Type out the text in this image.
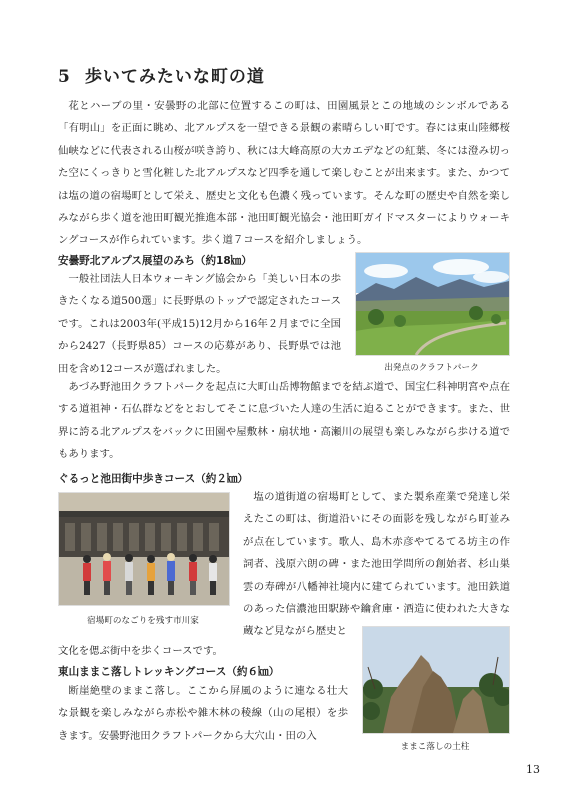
5 歩いてみたいな町の道

花とハーブの里・安曇野の北部に位置するこの町は、田園風景とこの地域のシンボルである「有明山」を正面に眺め、北アルプスを一望できる景観の素晴らしい町です。春には東山陸郷桜仙峡などに代表される山桜が咲き誇り、秋には大峰高原の大カエデなどの紅葉、冬には澄み切った空にくっきりと雪化粧した北アルプスなど四季を通して楽しむことが出来ます。また、かつては塩の道の宿場町として栄え、歴史と文化も色濃く残っています。そんな町の歴史や自然を楽しみながら歩く道を池田町観光推進本部・池田町観光協会・池田町ガイドマスターによりウォーキングコースが作られています。歩く道７コースを紹介しましょう。

安曇野北アルプス展望のみち（約18㎞）

一般社団法人日本ウォーキング協会から「美しい日本の歩きたくなる道500選」に長野県のトップで認定されたコースです。これは2003年(平成15)12月から16年２月までに全国から2427（長野県85）コースの応募があり、長野県では池田を含め12コースが選ばれました。	出発点のクラフトパーク

あづみ野池田クラフトパークを起点に大町山岳博物館までを結ぶ道で、国宝仁科神明宮や点在する道祖神・石仏群などをとおしてそこに息づいた人達の生活に迫ることができます。また、世界に誇る北アルプスをバックに田園や屋敷林・扇状地・高瀬川の展望も楽しみながら歩ける道でもあります。

ぐるっと池田街中歩きコース（約２㎞）
宿場町のなごりを残す市川家

塩の道街道の宿場町として、また製糸産業で発達し栄えたこの町は、街道沿いにその面影を残しながら町並みが点在しています。歌人、島木赤彦やてるてる坊主の作詞者、浅原六朗の碑・また池田学問所の創始者、杉山巣雲の寿碑が八幡神社境内に建てられています。池田鉄道のあった信濃池田駅跡や鑰倉庫・酒造に使われた大きな蔵など見ながら歴史と

文化を偲ぶ街中を歩くコースです。

東山ままこ落しトレッキングコース（約６㎞）

断崖絶壁のままこ落し。ここから屏風のように連なる壮大な景観を楽しみながら赤松や雑木林の稜線（山の尾根）を歩きます。安曇野池田クラフトパークから大穴山・田の入

ままこ落しの土柱
13
